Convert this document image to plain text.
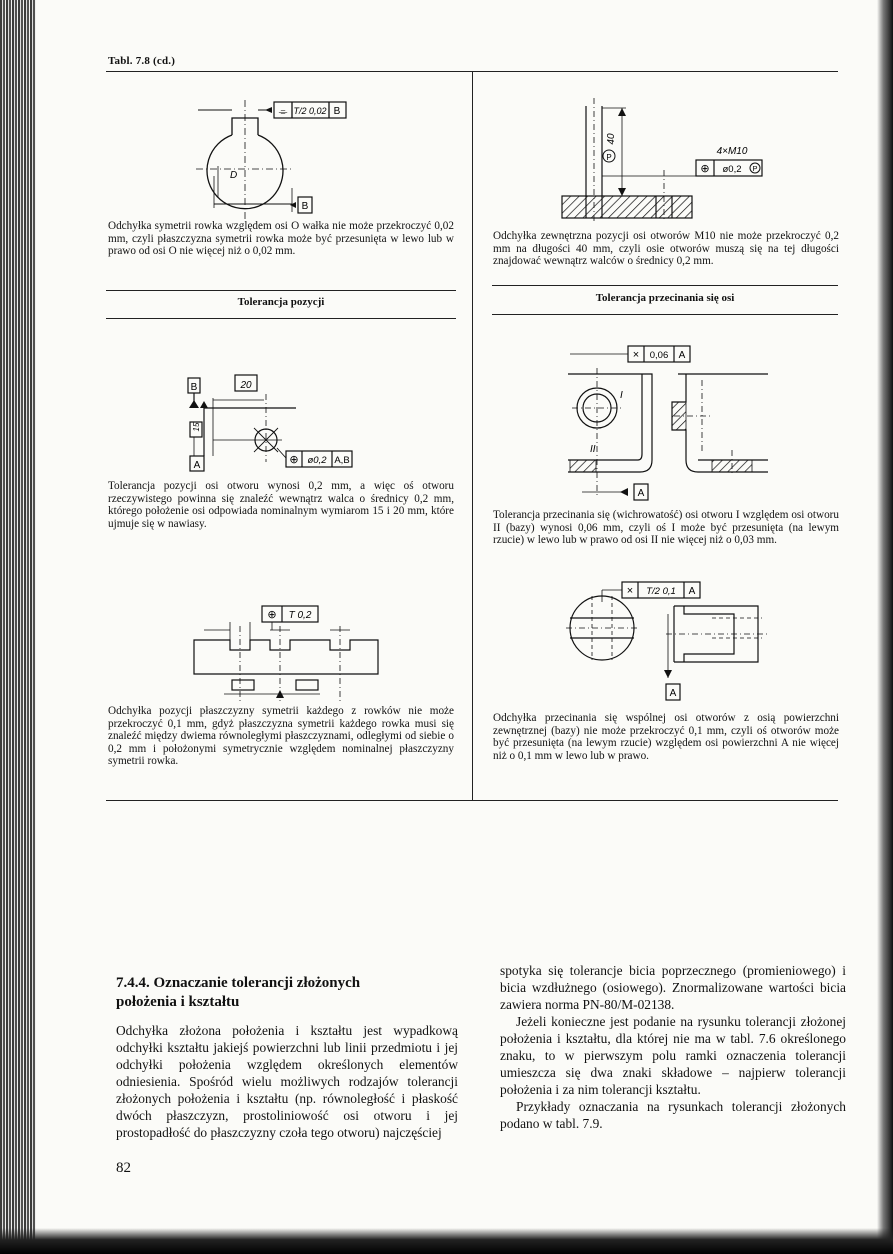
Tabl. 7.8 (cd.)
⌯ T/2 0,02 B
D
B
Odchyłka symetrii rowka względem osi O wałka nie może przekroczyć 0,02 mm, czyli płaszczyzna symetrii rowka może być przesunięta w lewo lub w prawo od osi O nie więcej niż o 0,02 mm.
Tolerancja pozycji
B	20
15
A	⊕ ø0,2 A,B
Tolerancja pozycji osi otworu wynosi 0,2 mm, a więc oś otworu rzeczywistego powinna się znaleźć wewnątrz walca o średnicy 0,2 mm, którego położenie osi odpowiada nominalnym wymiarom 15 i 20 mm, które ujmuje się w nawiasy.
⊕ T 0,2
Odchyłka pozycji płaszczyzny symetrii każdego z rowków nie może przekroczyć 0,1 mm, gdyż płaszczyzna symetrii każdego rowka musi się znaleźć między dwiema równoległymi płaszczyznami, odległymi od siebie o 0,2 mm i położonymi symetrycznie względem nominalnej płaszczyzny symetrii rowka.
P
40
4×M10
⊕ ø0,2 P
Odchyłka zewnętrzna pozycji osi otworów M10 nie może przekroczyć 0,2 mm na długości 40 mm, czyli osie otworów muszą się na tej długości znajdować wewnątrz walców o średnicy 0,2 mm.
Tolerancja przecinania się osi
× 0,06 A
I
II
A
Tolerancja przecinania się (wichrowatość) osi otworu I względem osi otworu II (bazy) wynosi 0,06 mm, czyli oś I może być przesunięta (na lewym rzucie) w lewo lub w prawo od osi II nie więcej niż o 0,03 mm.
× T/2 0,1 A
A
Odchyłka przecinania się wspólnej osi otworów z osią powierzchni zewnętrznej (bazy) nie może przekroczyć 0,1 mm, czyli oś otworów może być przesunięta (na lewym rzucie) względem osi powierzchni A nie więcej niż o 0,1 mm w lewo lub w prawo.
7.4.4. Oznaczanie tolerancji złożonych
położenia i kształtu

Odchyłka złożona położenia i kształtu jest wypadkową odchyłki kształtu jakiejś powierzchni lub linii przedmiotu i jej odchyłki położenia względem określonych elementów odniesienia. Spośród wielu możliwych rodzajów tolerancji złożonych położenia i kształtu (np. równoległość i płaskość dwóch płaszczyzn, prostoliniowość osi otworu i jej prostopadłość do płaszczyzny czoła tego otworu) najczęściej

spotyka się tolerancje bicia poprzecznego (promieniowego) i bicia wzdłużnego (osiowego). Znormalizowane wartości bicia zawiera norma PN-80/M-02138.

Jeżeli konieczne jest podanie na rysunku tolerancji złożonej położenia i kształtu, dla której nie ma w tabl. 7.6 określonego znaku, to w pierwszym polu ramki oznaczenia tolerancji umieszcza się dwa znaki składowe – najpierw tolerancji położenia i za nim tolerancji kształtu.

Przykłady oznaczania na rysunkach tolerancji złożonych podano w tabl. 7.9.

82
